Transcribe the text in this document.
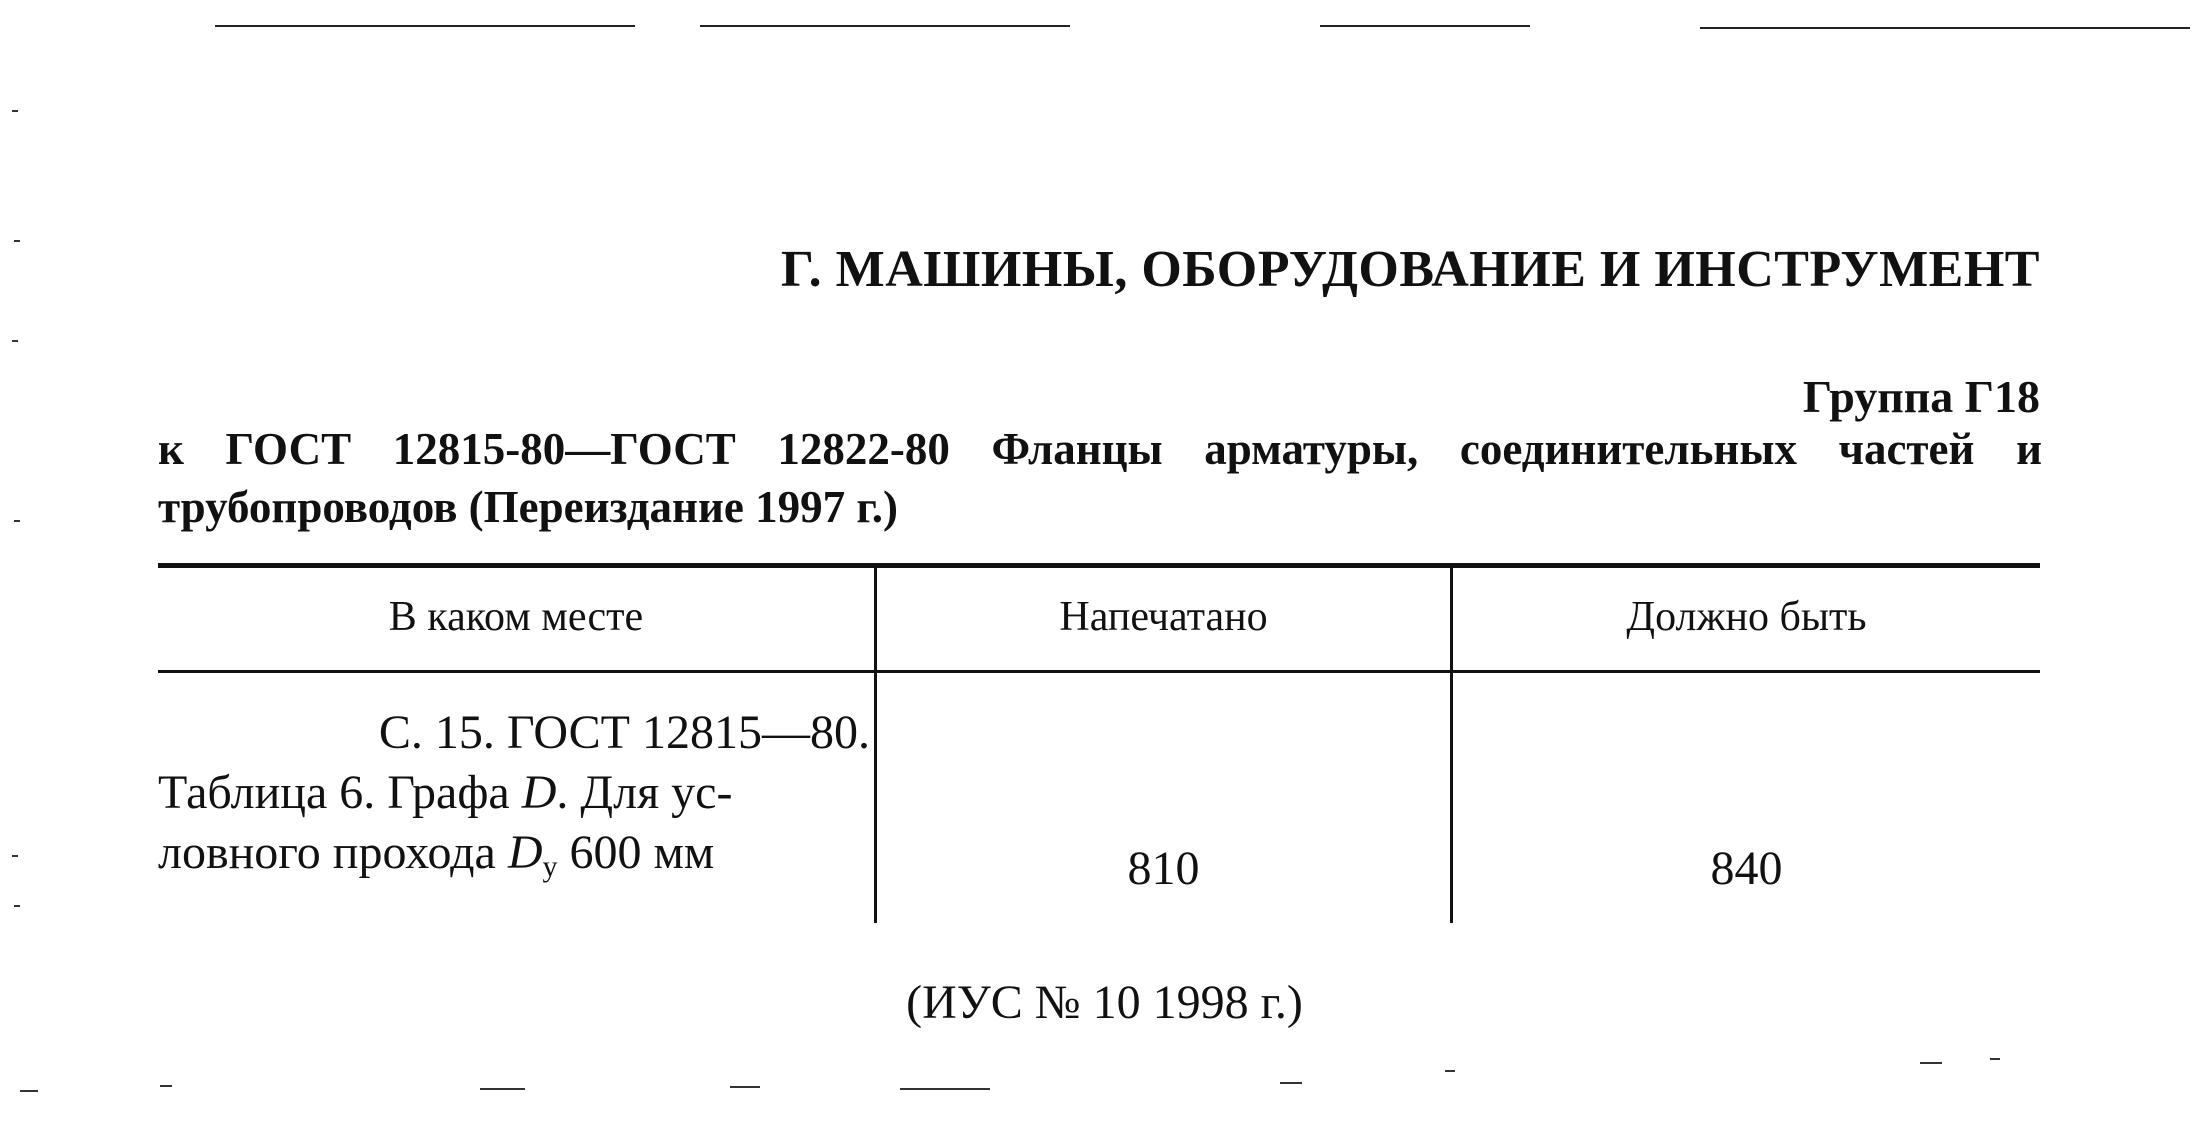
Г. МАШИНЫ, ОБОРУДОВАНИЕ И ИНСТРУМЕНТ
Группа Г18
к ГОСТ 12815-80—ГОСТ 12822-80 Фланцы арматуры, соединительных частей и трубопроводов (Переиздание 1997 г.)
В каком месте	Напечатано	Должно быть
С. 15. ГОСТ 12815—80.
Таблица 6. Графа D. Для ус-
ловного прохода $D_у$ 600 мм	810	840
(ИУС № 10 1998 г.)
